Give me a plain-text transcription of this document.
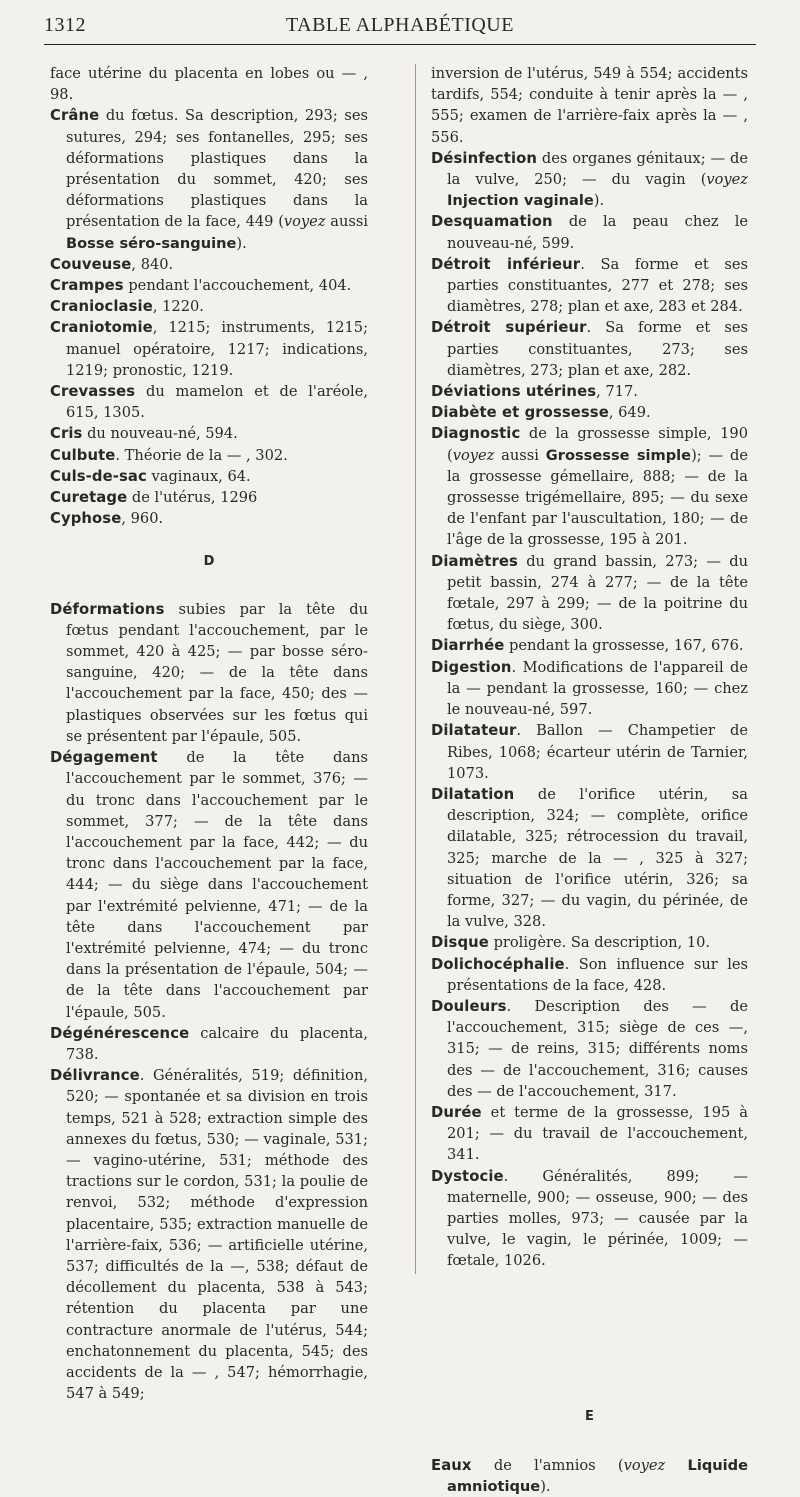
1312	TABLE ALPHABÉTIQUE

face utérine du placenta en lobes ou — , 98.

Crâne du fœtus. Sa description, 293; ses sutures, 294; ses fontanelles, 295; ses déformations plastiques dans la présentation du sommet, 420; ses déformations plastiques dans la présentation de la face, 449 (voyez aussi Bosse séro-sanguine).

Couveuse, 840.

Crampes pendant l'accouchement, 404.

Cranioclasie, 1220.

Craniotomie, 1215; instruments, 1215; manuel opératoire, 1217; indications, 1219; pronostic, 1219.

Crevasses du mamelon et de l'aréole, 615, 1305.

Cris du nouveau-né, 594.

Culbute. Théorie de la — , 302.

Culs-de-sac vaginaux, 64.

Curetage de l'utérus, 1296

Cyphose, 960.

D

Déformations subies par la tête du fœtus pendant l'accouchement, par le sommet, 420 à 425; — par bosse séro-sanguine, 420; — de la tête dans l'accouchement par la face, 450; des — plastiques observées sur les fœtus qui se présentent par l'épaule, 505.

Dégagement de la tête dans l'accouchement par le sommet, 376; — du tronc dans l'accouchement par le sommet, 377; — de la tête dans l'accouchement par la face, 442; — du tronc dans l'accouchement par la face, 444; — du siège dans l'accouchement par l'extrémité pelvienne, 471; — de la tête dans l'accouchement par l'extrémité pelvienne, 474; — du tronc dans la présentation de l'épaule, 504; — de la tête dans l'accouchement par l'épaule, 505.

Dégénérescence calcaire du placenta, 738.

Délivrance. Généralités, 519; définition, 520; — spontanée et sa division en trois temps, 521 à 528; extraction simple des annexes du fœtus, 530; — vaginale, 531; — vagino-utérine, 531; méthode des tractions sur le cordon, 531; la poulie de renvoi, 532; méthode d'expression placentaire, 535; extraction manuelle de l'arrière-faix, 536; — artificielle utérine, 537; difficultés de la —, 538; défaut de décollement du placenta, 538 à 543; rétention du placenta par une contracture anormale de l'utérus, 544; enchatonnement du placenta, 545; des accidents de la — , 547; hémorrhagie, 547 à 549;

inversion de l'utérus, 549 à 554; accidents tardifs, 554; conduite à tenir après la — , 555; examen de l'arrière-faix après la — , 556.

Désinfection des organes génitaux; — de la vulve, 250; — du vagin (voyez Injection vaginale).

Desquamation de la peau chez le nouveau-né, 599.

Détroit inférieur. Sa forme et ses parties constituantes, 277 et 278; ses diamètres, 278; plan et axe, 283 et 284.

Détroit supérieur. Sa forme et ses parties constituantes, 273; ses diamètres, 273; plan et axe, 282.

Déviations utérines, 717.

Diabète et grossesse, 649.

Diagnostic de la grossesse simple, 190 (voyez aussi Grossesse simple); — de la grossesse gémellaire, 888; — de la grossesse trigémellaire, 895; — du sexe de l'enfant par l'auscultation, 180; — de l'âge de la grossesse, 195 à 201.

Diamètres du grand bassin, 273; — du petit bassin, 274 à 277; — de la tête fœtale, 297 à 299; — de la poitrine du fœtus, du siège, 300.

Diarrhée pendant la grossesse, 167, 676.

Digestion. Modifications de l'appareil de la — pendant la grossesse, 160; — chez le nouveau-né, 597.

Dilatateur. Ballon — Champetier de Ribes, 1068; écarteur utérin de Tarnier, 1073.

Dilatation de l'orifice utérin, sa description, 324; — complète, orifice dilatable, 325; rétrocession du travail, 325; marche de la — , 325 à 327; situation de l'orifice utérin, 326; sa forme, 327; — du vagin, du périnée, de la vulve, 328.

Disque proligère. Sa description, 10.

Dolichocéphalie. Son influence sur les présentations de la face, 428.

Douleurs. Description des — de l'accouchement, 315; siège de ces —, 315; — de reins, 315; différents noms des — de l'accouchement, 316; causes des — de l'accouchement, 317.

Durée et terme de la grossesse, 195 à 201; — du travail de l'accouchement, 341.

Dystocie. Généralités, 899; — maternelle, 900; — osseuse, 900; — des parties molles, 973; — causée par la vulve, le vagin, le périnée, 1009; — fœtale, 1026.

E

Eaux de l'amnios (voyez Liquide amniotique).
